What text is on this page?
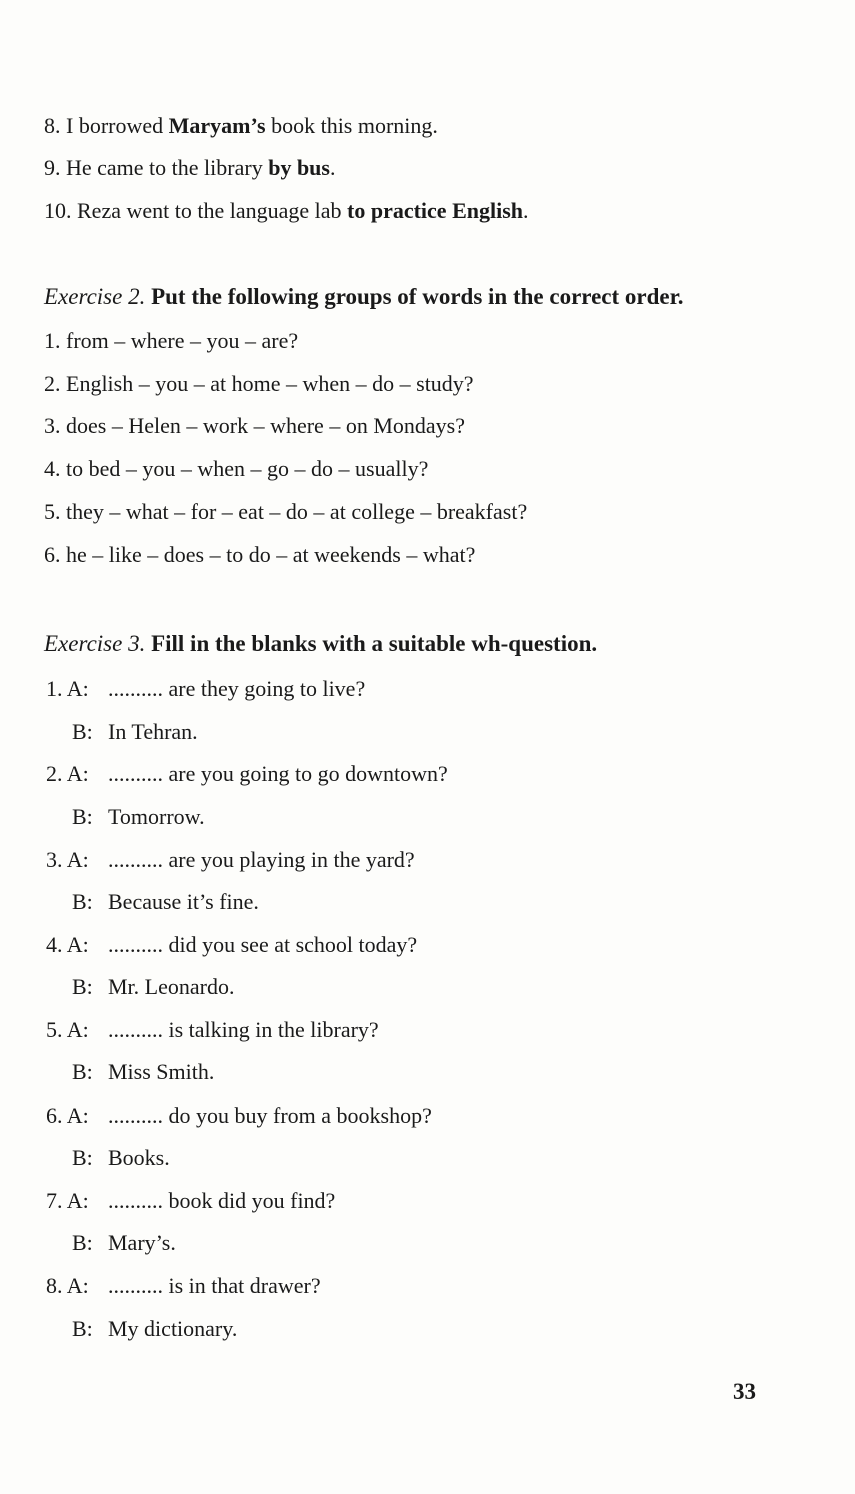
8. I borrowed Maryam’s book this morning.
9. He came to the library by bus.
10. Reza went to the language lab to practice English.
Exercise 2. Put the following groups of words in the correct order.
1. from – where – you – are?
2. English – you – at home – when – do – study?
3. does – Helen – work – where – on Mondays?
4. to bed – you – when – go – do – usually?
5. they – what – for – eat – do – at college – breakfast?
6. he – like – does – to do – at weekends – what?
Exercise 3. Fill in the blanks with a suitable wh-question.
1. A: .......... are they going to live?
B: In Tehran.
2. A: .......... are you going to go downtown?
B: Tomorrow.
3. A: .......... are you playing in the yard?
B: Because it’s fine.
4. A: .......... did you see at school today?
B: Mr. Leonardo.
5. A: .......... is talking in the library?
B: Miss Smith.
6. A: .......... do you buy from a bookshop?
B: Books.
7. A: .......... book did you find?
B: Mary’s.
8. A: .......... is in that drawer?
B: My dictionary.
33
